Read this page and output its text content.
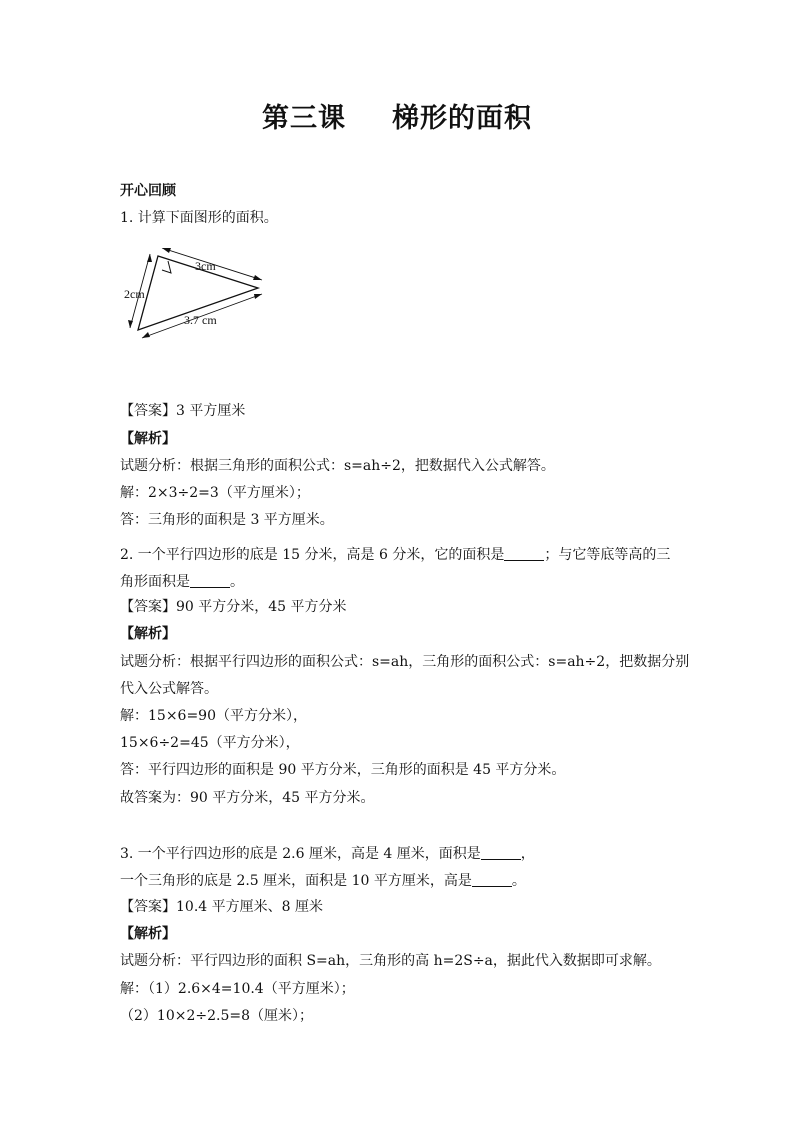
第三课 梯形的面积
开心回顾
1. 计算下面图形的面积。
3cm
2cm
3.7 cm
【答案】3 平方厘米
【解析】
试题分析：根据三角形的面积公式：s=ah÷2，把数据代入公式解答。
解：2×3÷2=3（平方厘米）；
答：三角形的面积是 3 平方厘米。
2. 一个平行四边形的底是 15 分米，高是 6 分米，它的面积是	；与它等底等高的三
角形面积是	。
【答案】90 平方分米，45 平方分米
【解析】
试题分析：根据平行四边形的面积公式：s=ah，三角形的面积公式：s=ah÷2，把数据分别
代入公式解答。
解：15×6=90（平方分米），
15×6÷2=45（平方分米），
答：平行四边形的面积是 90 平方分米，三角形的面积是 45 平方分米。
故答案为：90 平方分米，45 平方分米。
3. 一个平行四边形的底是 2.6 厘米，高是 4 厘米，面积是	，
一个三角形的底是 2.5 厘米，面积是 10 平方厘米，高是	。
【答案】10.4 平方厘米、8 厘米
【解析】
试题分析：平行四边形的面积 S=ah，三角形的高 h=2S÷a，据此代入数据即可求解。
解：（1）2.6×4=10.4（平方厘米）；
（2）10×2÷2.5=8（厘米）；
